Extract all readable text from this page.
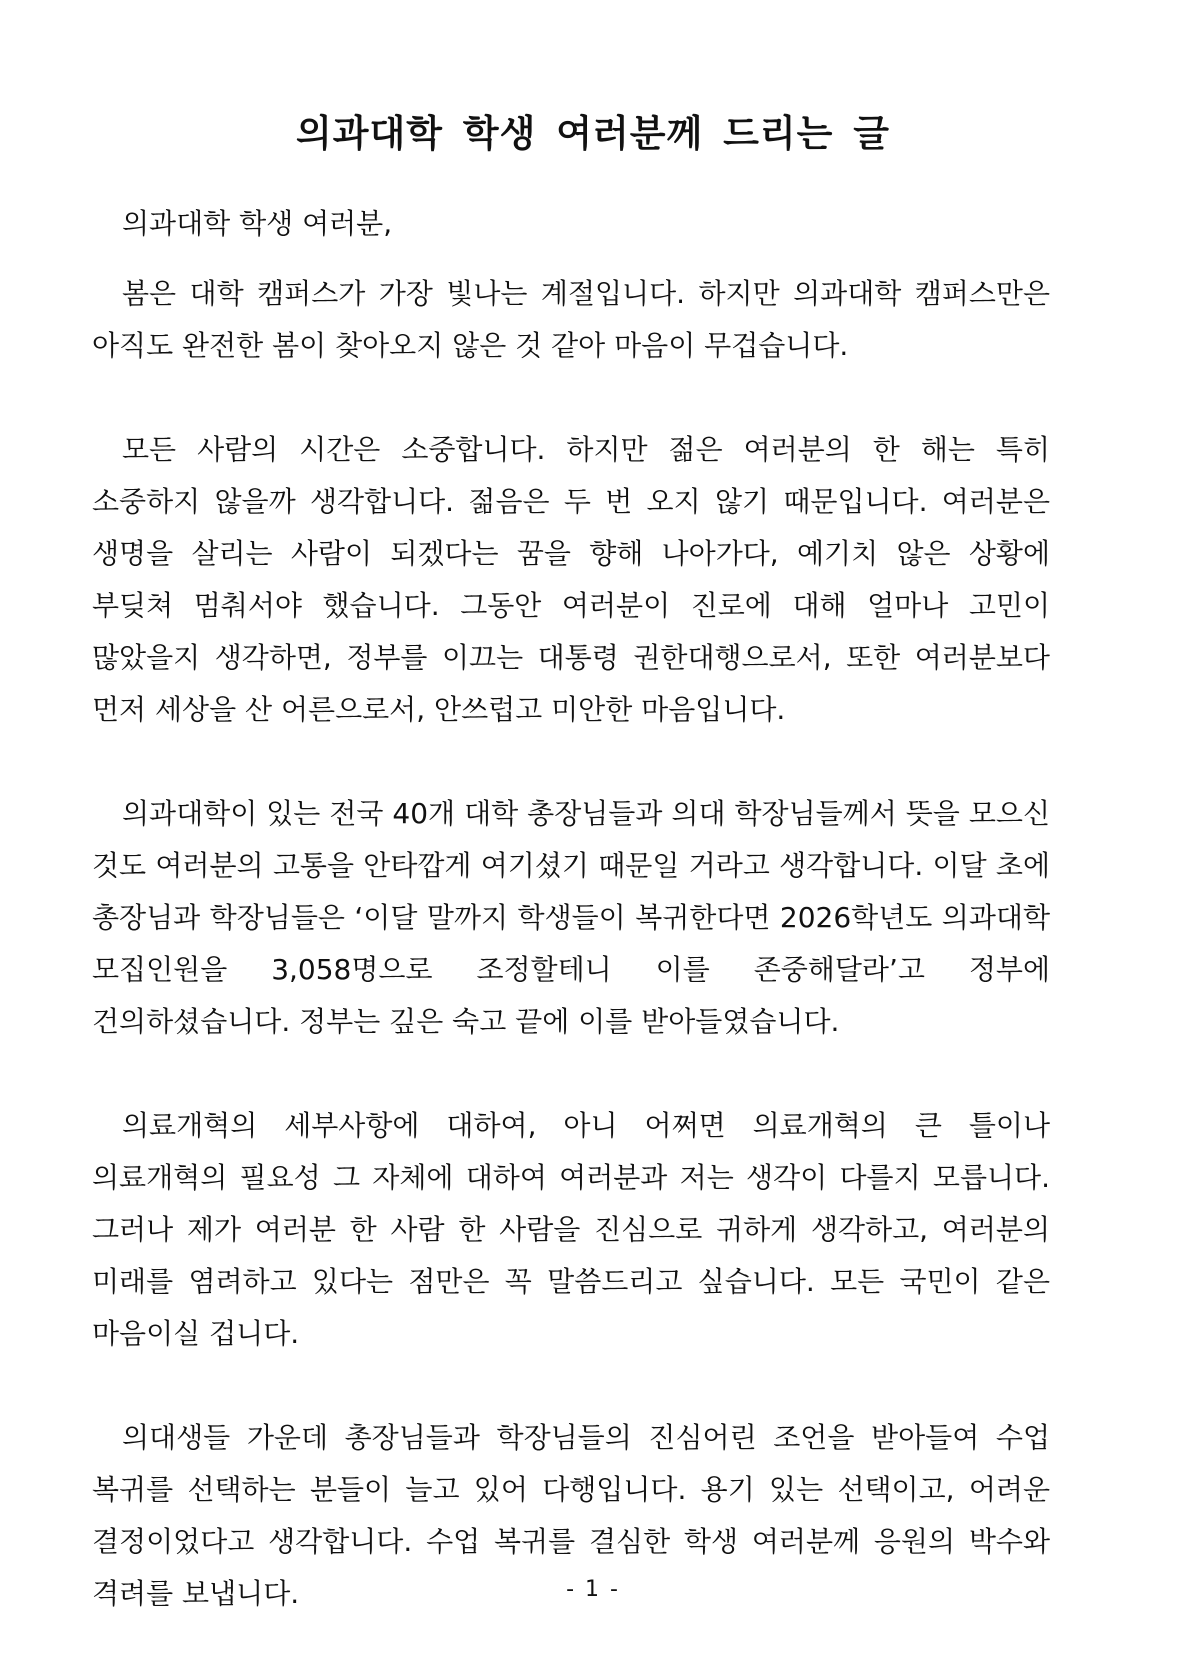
의과대학 학생 여러분께 드리는 글

의과대학 학생 여러분,

봄은 대학 캠퍼스가 가장 빛나는 계절입니다. 하지만 의과대학 캠퍼스만은 아직도 완전한 봄이 찾아오지 않은 것 같아 마음이 무겁습니다.

모든 사람의 시간은 소중합니다. 하지만 젊은 여러분의 한 해는 특히 소중하지 않을까 생각합니다. 젊음은 두 번 오지 않기 때문입니다. 여러분은 생명을 살리는 사람이 되겠다는 꿈을 향해 나아가다, 예기치 않은 상황에 부딪쳐 멈춰서야 했습니다. 그동안 여러분이 진로에 대해 얼마나 고민이 많았을지 생각하면, 정부를 이끄는 대통령 권한대행으로서, 또한 여러분보다 먼저 세상을 산 어른으로서, 안쓰럽고 미안한 마음입니다.

의과대학이 있는 전국 40개 대학 총장님들과 의대 학장님들께서 뜻을 모으신 것도 여러분의 고통을 안타깝게 여기셨기 때문일 거라고 생각합니다. 이달 초에 총장님과 학장님들은 ‘이달 말까지 학생들이 복귀한다면 2026학년도 의과대학 모집인원을 3,058명으로 조정할테니 이를 존중해달라’고 정부에 건의하셨습니다. 정부는 깊은 숙고 끝에 이를 받아들였습니다.

의료개혁의 세부사항에 대하여, 아니 어쩌면 의료개혁의 큰 틀이나 의료개혁의 필요성 그 자체에 대하여 여러분과 저는 생각이 다를지 모릅니다. 그러나 제가 여러분 한 사람 한 사람을 진심으로 귀하게 생각하고, 여러분의 미래를 염려하고 있다는 점만은 꼭 말씀드리고 싶습니다. 모든 국민이 같은 마음이실 겁니다.

의대생들 가운데 총장님들과 학장님들의 진심어린 조언을 받아들여 수업 복귀를 선택하는 분들이 늘고 있어 다행입니다. 용기 있는 선택이고, 어려운 결정이었다고 생각합니다. 수업 복귀를 결심한 학생 여러분께 응원의 박수와 격려를 보냅니다.	- 1 -
